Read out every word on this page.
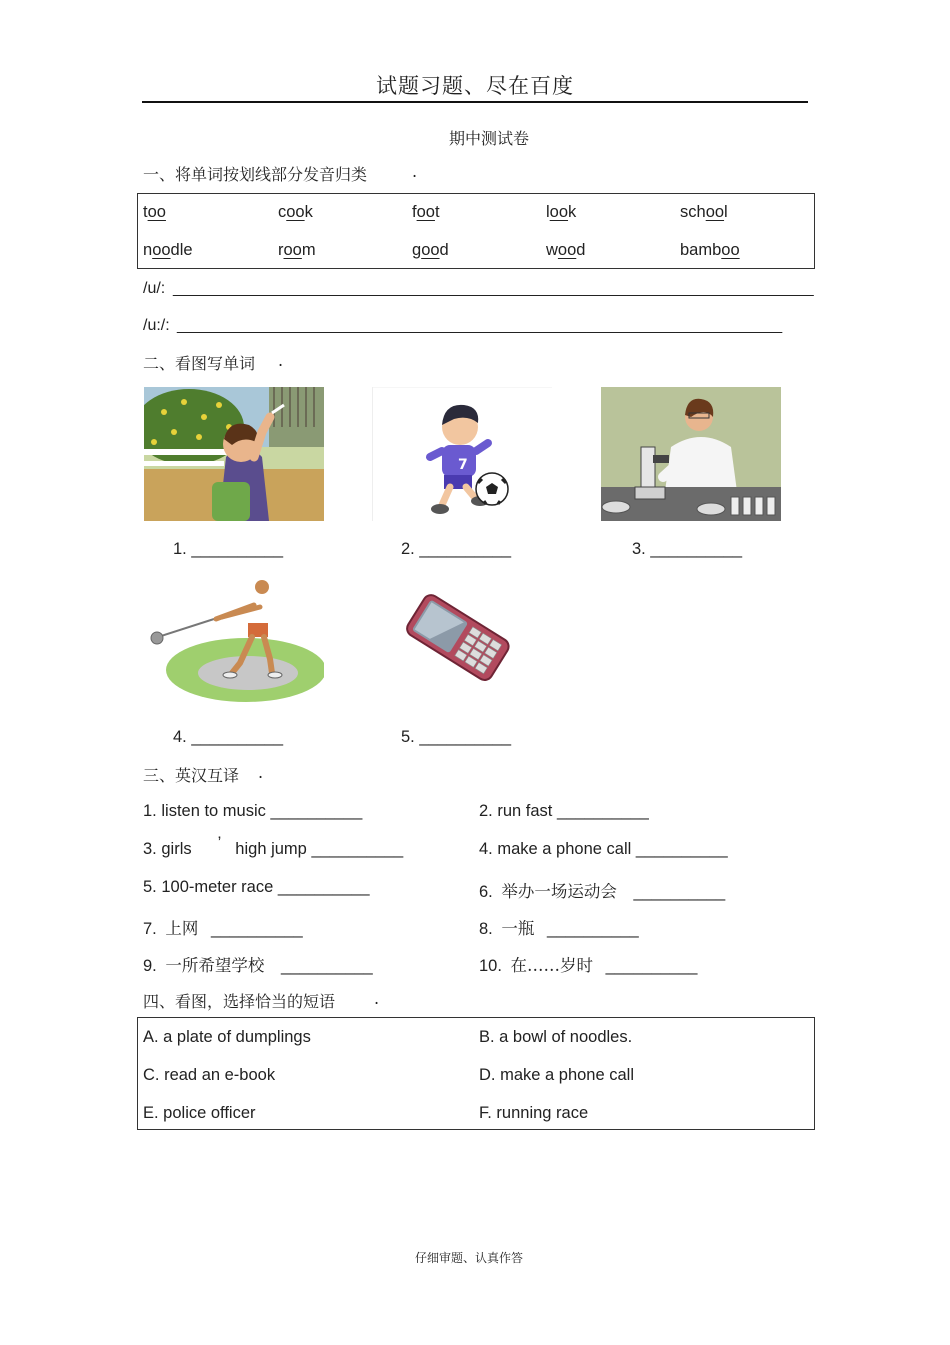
试题习题、尽在百度
期中测试卷
一、将单词按划线部分发音归类	.
too	cook	foot	look	school
noodle	room	good	wood	bamboo
/u/: ________________________________________________________________________
/u:/: ____________________________________________________________________
二、看图写单词 .
7
1. __________	2. __________	3. __________
4. __________	5. __________
三、英汉互译 .
1. listen to music __________	2. run fast __________
3. girls ’ high jump __________	4. make a phone call __________
5. 100-meter race __________	6. 举办一场运动会 __________
7. 上网 __________	8. 一瓶 __________
9. 一所希望学校 __________	10. 在……岁时 __________
四、看图，选择恰当的短语 .
A. a plate of dumplings	B. a bowl of noodles.
C. read an e-book	D. make a phone call
E. police officer	F. running race
仔细审题、认真作答
